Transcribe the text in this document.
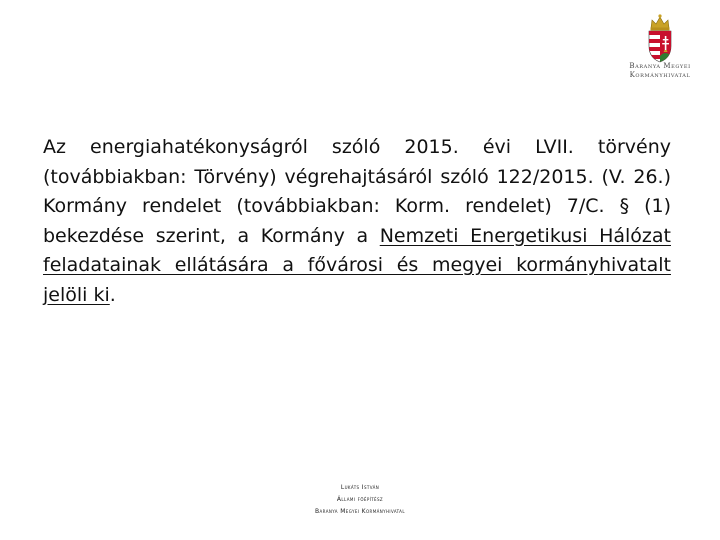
Baranya Megyei
Kormányhivatal

Az energiahatékonyságról szóló 2015. évi LVII. törvény (továbbiakban: Törvény) végrehajtásáról szóló 122/2015. (V. 26.) Kormány rendelet (továbbiakban: Korm. rendelet) 7/C. § (1) bekezdése szerint, a Kormány a Nemzeti Energetikusi Hálózat feladatainak ellátására a fővárosi és megyei kormányhivatalt jelöli ki.

Lukáts István
Állami főépítész
Baranya Megyei Kormányhivatal
